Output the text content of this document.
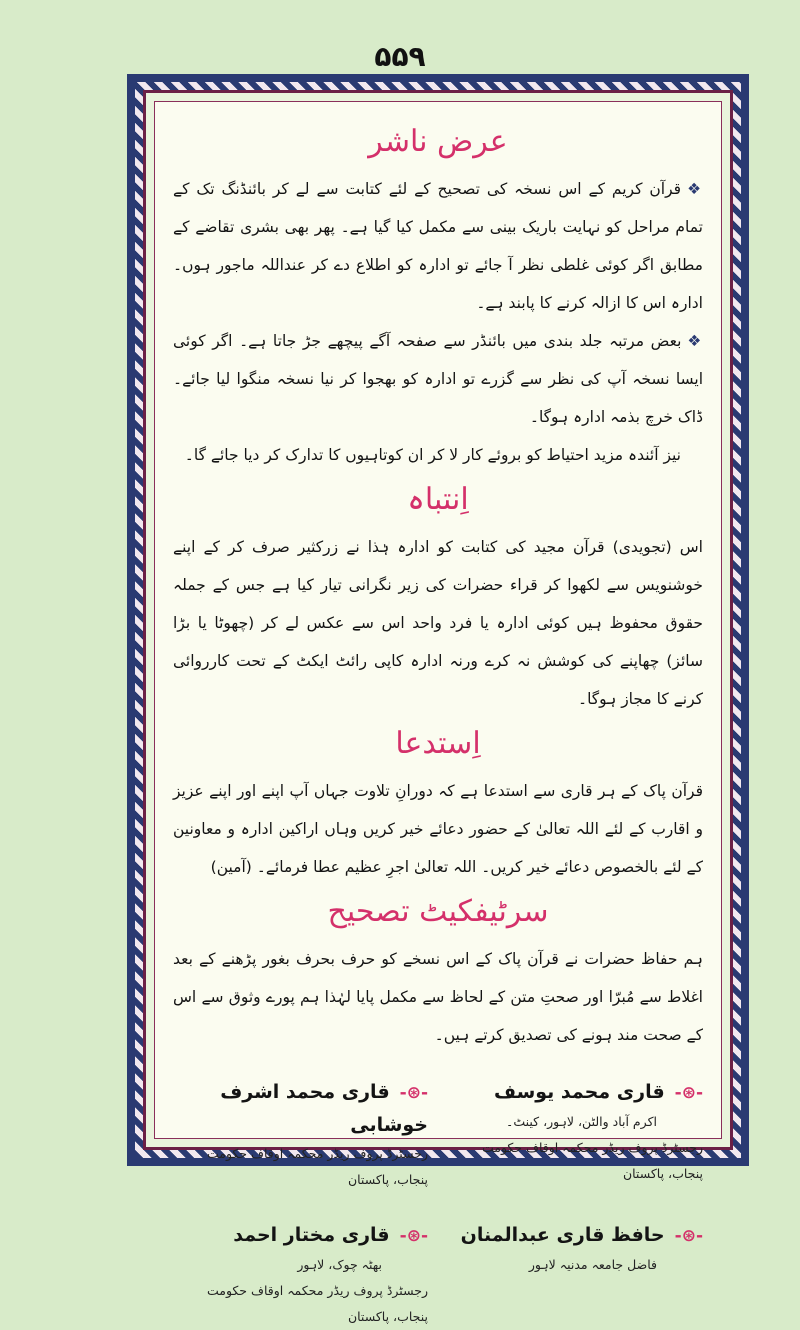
۵۵۹
عرض ناشر

❖قرآن کریم کے اس نسخہ کی تصحیح کے لئے کتابت سے لے کر بائنڈنگ تک کے تمام مراحل کو نہایت باریک بینی سے مکمل کیا گیا ہے۔ پھر بھی بشری تقاضے کے مطابق اگر کوئی غلطی نظر آ جائے تو ادارہ کو اطلاع دے کر عنداللہ ماجور ہوں۔ ادارہ اس کا ازالہ کرنے کا پابند ہے۔

❖بعض مرتبہ جلد بندی میں بائنڈر سے صفحہ آگے پیچھے جڑ جاتا ہے۔ اگر کوئی ایسا نسخہ آپ کی نظر سے گزرے تو ادارہ کو بھجوا کر نیا نسخہ منگوا لیا جائے۔ ڈاک خرچ بذمہ ادارہ ہوگا۔

نیز آئندہ مزید احتیاط کو بروئے کار لا کر ان کوتاہیوں کا تدارک کر دیا جائے گا۔

اِنتباہ

اس (تجویدی) قرآن مجید کی کتابت کو ادارہ ہٰذا نے زرکثیر صرف کر کے اپنے خوشنویس سے لکھوا کر قراء حضرات کی زیر نگرانی تیار کیا ہے جس کے جملہ حقوق محفوظ ہیں کوئی ادارہ یا فرد واحد اس سے عکس لے کر (چھوٹا یا بڑا سائز) چھاپنے کی کوشش نہ کرے ورنہ ادارہ کاپی رائٹ ایکٹ کے تحت کارروائی کرنے کا مجاز ہوگا۔

اِستدعا

قرآن پاک کے ہر قاری سے استدعا ہے کہ دورانِ تلاوت جہاں آپ اپنے اور اپنے عزیز و اقارب کے لئے اللہ تعالیٰ کے حضور دعائے خیر کریں وہاں اراکین ادارہ و معاونین کے لئے بالخصوص دعائے خیر کریں۔ اللہ تعالیٰ اجرِ عظیم عطا فرمائے۔ (آمین)

سرٹیفکیٹ تصحیح

ہم حفاظ حضرات نے قرآن پاک کے اس نسخے کو حرف بحرف بغور پڑھنے کے بعد اغلاط سے مُبرّا اور صحتِ متن کے لحاظ سے مکمل پایا لہٰذا ہم پورے وثوق سے اس کے صحت مند ہونے کی تصدیق کرتے ہیں۔

-⊛-قاری محمد یوسف
اکرم آباد والٹن، لاہور، کینٹ۔
رجسٹرڈ پروف ریڈر محکمہ اوقاف حکومت پنجاب، پاکستان
-⊛-قاری محمد اشرف خوشابی
رجسٹرڈ پروف ریڈر محکمہ اوقاف حکومت پنجاب، پاکستان
-⊛-حافظ قاری عبدالمنان
فاضل جامعہ مدنیہ لاہور
-⊛-قاری مختار احمد
بھٹہ چوک، لاہور
رجسٹرڈ پروف ریڈر محکمہ اوقاف حکومت پنجاب، پاکستان
